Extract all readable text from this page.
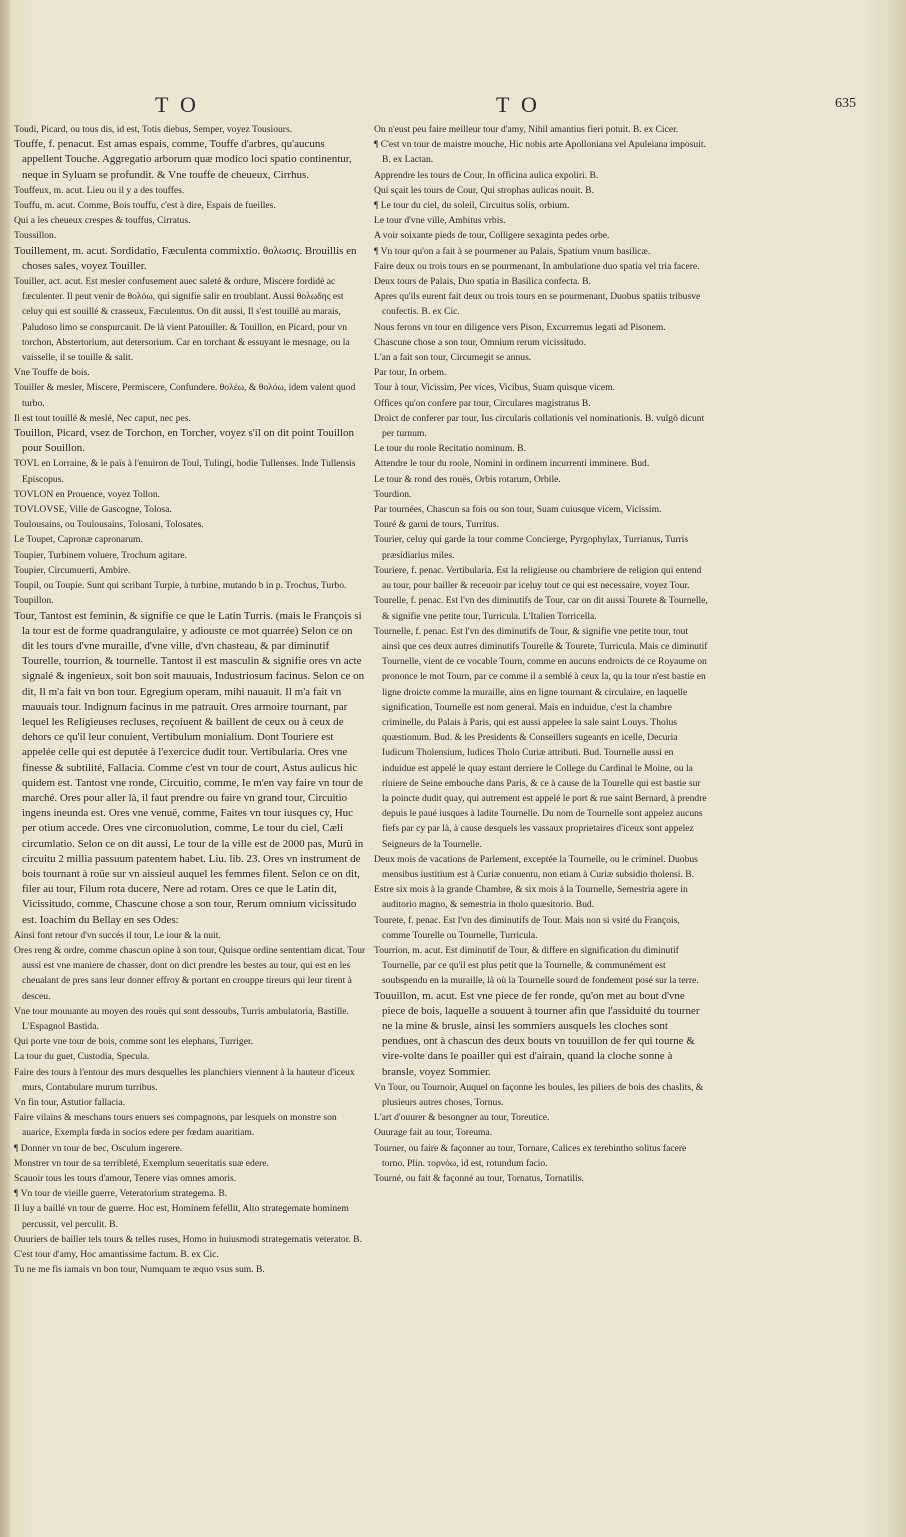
TO	TO	635

Toudi, Picard, ou tous dis, id est, Totis diebus, Semper, voyez Tousiours.

Touffe, f. penacut. Est amas espais, comme, Touffe d'arbres, qu'aucuns appellent Touche. Aggregatio arborum quæ modico loci spatio continentur, neque in Syluam se profundit. & Vne touffe de cheueux, Cirrhus.

Touffeux, m. acut. Lieu ou il y a des touffes.

Touffu, m. acut. Comme, Bois touffu, c'est à dire, Espais de fueilles.

Qui a les cheueux crespes & touffus, Cirratus.

Toussillon.

Touillement, m. acut. Sordidatio, Fæculenta commixtio. θολωσις. Brouillis en choses sales, voyez Touiller.

Touiller, act. acut. Est mesler confusement auec saleté & ordure, Miscere fordidè ac fæculenter. Il peut venir de θολόω, qui signifie salir en troublant. Aussi θολωδης est celuy qui est souillé & crasseux, Fæculentus. On dit aussi, Il s'est touillé au marais, Paludoso limo se conspurcauit. De là vient Patouiller. & Touillon, en Picard, pour vn torchon, Abstertorium, aut detersorium. Car en torchant & essuyant le mesnage, ou la vaisselle, il se touille & salit.

Vne Touffe de bois.

Touiller & mesler, Miscere, Permiscere, Confundere. θολέω, & θολόω, idem valent quod turbo.

Il est tout touillé & meslé, Nec caput, nec pes.

Touillon, Picard, vsez de Torchon, en Torcher, voyez s'il on dit point Touillon pour Souillon.

TOVL en Lorraine, & le païs à l'enuiron de Toul, Tulingi, hodie Tullenses. Inde Tullensis Episcopus.

TOVLON en Prouence, voyez Tollon.

TOVLOVSE, Ville de Gascogne, Tolosa.

Toulousains, ou Toulousains, Tolosani, Tolosates.

Le Toupet, Capronæ capronarum.

Toupier, Turbinem voluere, Trochum agitare.

Toupier, Circumuerti, Ambire.

Toupil, ou Toupie. Sunt qui scribant Turpie, à turbine, mutando b in p. Trochus, Turbo.

Toupillon.

Tour, Tantost est feminin, & signifie ce que le Latin Turris. (mais le François si la tour est de forme quadrangulaire, y adiouste ce mot quarrée) Selon ce on dit les tours d'vne muraille, d'vne ville, d'vn chasteau, & par diminutif Tourelle, tourrion, & tournelle. Tantost il est masculin & signifie ores vn acte signalé & ingenieux, soit bon soit mauuais, Industriosum facinus. Selon ce on dit, Il m'a fait vn bon tour. Egregium operam, mihi nauauit. Il m'a fait vn mauuais tour. Indignum facinus in me patrauit. Ores armoire tournant, par lequel les Religieuses recluses, reçoiuent & baillent de ceux ou à ceux de dehors ce qu'il leur conuient, Vertibulum monialium. Dont Touriere est appelée celle qui est deputée à l'exercice dudit tour. Vertibularia. Ores vne finesse & subtilité, Fallacia. Comme c'est vn tour de court, Astus aulicus hic quidem est. Tantost vne ronde, Circuitio, comme, Ie m'en vay faire vn tour de marché. Ores pour aller là, il faut prendre ou faire vn grand tour, Circuitio ingens ineunda est. Ores vne venuë, comme, Faites vn tour iusques cy, Huc per otium accede. Ores vne circonuolution, comme, Le tour du ciel, Cæli circumlatio. Selon ce on dit aussi, Le tour de la ville est de 2000 pas, Murû in circuitu 2 millia passuum patentem habet. Liu. lib. 23. Ores vn instrument de bois tournant à roüe sur vn aissieul auquel les femmes filent. Selon ce on dit, filer au tour, Filum rota ducere, Nere ad rotam. Ores ce que le Latin dit, Vicissitudo, comme, Chascune chose a son tour, Rerum omnium vicissitudo est. Ioachim du Bellay en ses Odes:

Ainsi font retour d'vn succés il tour, Le iour & la nuit.

Ores reng & ordre, comme chascun opine à son tour, Quisque ordine sententiam dicat. Tour aussi est vne maniere de chasser, dont on dict prendre les bestes au tour, qui est en les cheualant de pres sans leur donner effroy & portant en crouppe tireurs qui leur tirent à desceu.

Vne tour mouuante au moyen des rouës qui sont dessoubs, Turris ambulatoria, Bastille. L'Espagnol Bastida.

Qui porte vne tour de bois, comme sont les elephans, Turriger.

La tour du guet, Custodia, Specula.

Faire des tours à l'entour des murs desquelles les planchiers viennent à la hauteur d'iceux murs, Contabulare murum turribus.

Vn fin tour, Astutior fallacia.

Faire vilains & meschans tours enuers ses compagnons, par lesquels on monstre son auarice, Exempla fœda in socios edere per fœdam auaritiam.

¶ Donner vn tour de bec, Osculum ingerere.

Monstrer vn tour de sa terribleté, Exemplum seueritatis suæ edere.

Scauoir tous les tours d'amour, Tenere vias omnes amoris.

¶ Vn tour de vieille guerre, Veteratorium strategema. B.

Il luy a baillé vn tour de guerre. Hoc est, Hominem fefellit, Alto strategemate hominem percussit, vel perculit. B.

Ouuriers de bailler tels tours & telles ruses, Homo in huiusmodi strategematis veterator. B.

C'est tour d'amy, Hoc amantissime factum. B. ex Cic.

Tu ne me fis iamais vn bon tour, Numquam te æquo vsus sum. B.

On n'eust peu faire meilleur tour d'amy, Nihil amantius fieri potuit. B. ex Cicer.

¶ C'est vn tour de maistre mouche, Hic nobis arte Apolloniana vel Apuleiana imposuit. B. ex Lactan.

Apprendre les tours de Cour, In officina aulica expoliri. B.

Qui sçait les tours de Cour, Qui strophas aulicas nouit. B.

¶ Le tour du ciel, du soleil, Circuitus solis, orbium.

Le tour d'vne ville, Ambitus vrbis.

A voir soixante pieds de tour, Colligere sexaginta pedes orbe.

¶ Vn tour qu'on a fait à se pourmener au Palais, Spatium vnum basilicæ.

Faire deux ou trois tours en se pourmenant, In ambulatione duo spatia vel tria facere.

Deux tours de Palais, Duo spatia in Basilica confecta. B.

Apres qu'ils eurent fait deux ou trois tours en se pourmenant, Duobus spatiis tribusve confectis. B. ex Cic.

Nous ferons vn tour en diligence vers Pison, Excurremus legati ad Pisonem.

Chascune chose a son tour, Omnium rerum vicissitudo.

L'an a fait son tour, Circumegit se annus.

Par tour, In orbem.

Tour à tour, Vicissim, Per vices, Vicibus, Suam quisque vicem.

Offices qu'on confere par tour, Circulares magistratus B.

Droict de conferer par tour, Ius circularis collationis vel nominationis. B. vulgò dicunt per turnum.

Le tour du roole Recitatio nominum. B.

Attendre le tour du roole, Nomini in ordinem incurrenti imminere. Bud.

Le tour & rond des rouës, Orbis rotarum, Orbile.

Tourdion.

Par tournées, Chascun sa fois ou son tour, Suam cuiusque vicem, Vicissim.

Touré & garni de tours, Turritus.

Tourier, celuy qui garde la tour comme Concierge, Pyrgophylax, Turrianus, Turris præsidiarius miles.

Touriere, f. penac. Vertibularia. Est la religieuse ou chambriere de religion qui entend au tour, pour bailler & receuoir par iceluy tout ce qui est necessaire, voyez Tour.

Tourelle, f. penac. Est l'vn des diminutifs de Tour, car on dit aussi Tourete & Tournelle, & signifie vne petite tour, Turricula. L'Italien Torricella.

Tournelle, f. penac. Est l'vn des diminutifs de Tour, & signifie vne petite tour, tout ainsi que ces deux autres diminutifs Tourelle & Tourete, Turricula. Mais ce diminutif Tournelle, vient de ce vocable Tourn, comme en aucuns endroicts de ce Royaume on prononce le mot Tourn, par ce comme il a semblé à ceux la, qu la tour n'est bastie en ligne droicte comme la muraille, ains en ligne tournant & circulaire, en laquelle signification, Tournelle est nom general. Mais en induidue, c'est la chambre criminelle, du Palais à Paris, qui est aussi appelee la sale saint Louys. Tholus quæstionum. Bud. & les Presidents & Conseillers sugeants en icelle, Decuria Iudicum Tholensium, Iudices Tholo Curiæ attributi. Bud. Tournelle aussi en induidue est appelé le quay estant derriere le College du Cardinal le Moine, ou la riuiere de Seine embouche dans Paris, & ce à cause de la Tourelle qui est bastie sur la poincte dudit quay, qui autrement est appelé le port & rue saint Bernard, à prendre depuis le paué iusques à ladite Tournelle. Du nom de Tournelle sont appelez aucuns fiefs par cy par là, à cause desquels les vassaux proprietaires d'iceux sont appelez Seigneurs de la Tournelle.

Deux mois de vacations de Parlement, exceptée la Tournelle, ou le criminel. Duobus mensibus iustitium est à Curiæ conuentu, non etiam à Curiæ subsidio tholensi. B.

Estre six mois à la grande Chambre, & six mois à la Tournelle, Semestria agere in auditorio magno, & semestria in tholo quæsitorio. Bud.

Tourete, f. penac. Est l'vn des diminutifs de Tour. Mais non si vsité du François, comme Tourelle ou Tournelle, Turricula.

Tourrion, m. acut. Est diminutif de Tour, & differe en signification du diminutif Tournelle, par ce qu'il est plus petit que la Tournelle, & communément est soubspendu en la muraille, là où la Tournelle sourd de fondement posé sur la terre.

Touuillon, m. acut. Est vne piece de fer ronde, qu'on met au bout d'vne piece de bois, laquelle a souuent à tourner afin que l'assiduité du tourner ne la mine & brusle, ainsi les sommiers ausquels les cloches sont pendues, ont à chascun des deux bouts vn touuillon de fer qui tourne & vire-volte dans le poailler qui est d'airain, quand la cloche sonne à bransle, voyez Sommier.

Vn Tour, ou Tournoir, Auquel on façonne les boules, les piliers de bois des chaslits, & plusieurs autres choses, Tornus.

L'art d'ouurer & besongner au tour, Toreutice.

Ouurage fait au tour, Toreuma.

Tourner, ou faire & façonner au tour, Tornare, Calices ex terebintho solitus facere torno. Plin. τορνόω, id est, rotundum facio.

Tourné, ou fait & façonné au tour, Tornatus, Tornatilis.
